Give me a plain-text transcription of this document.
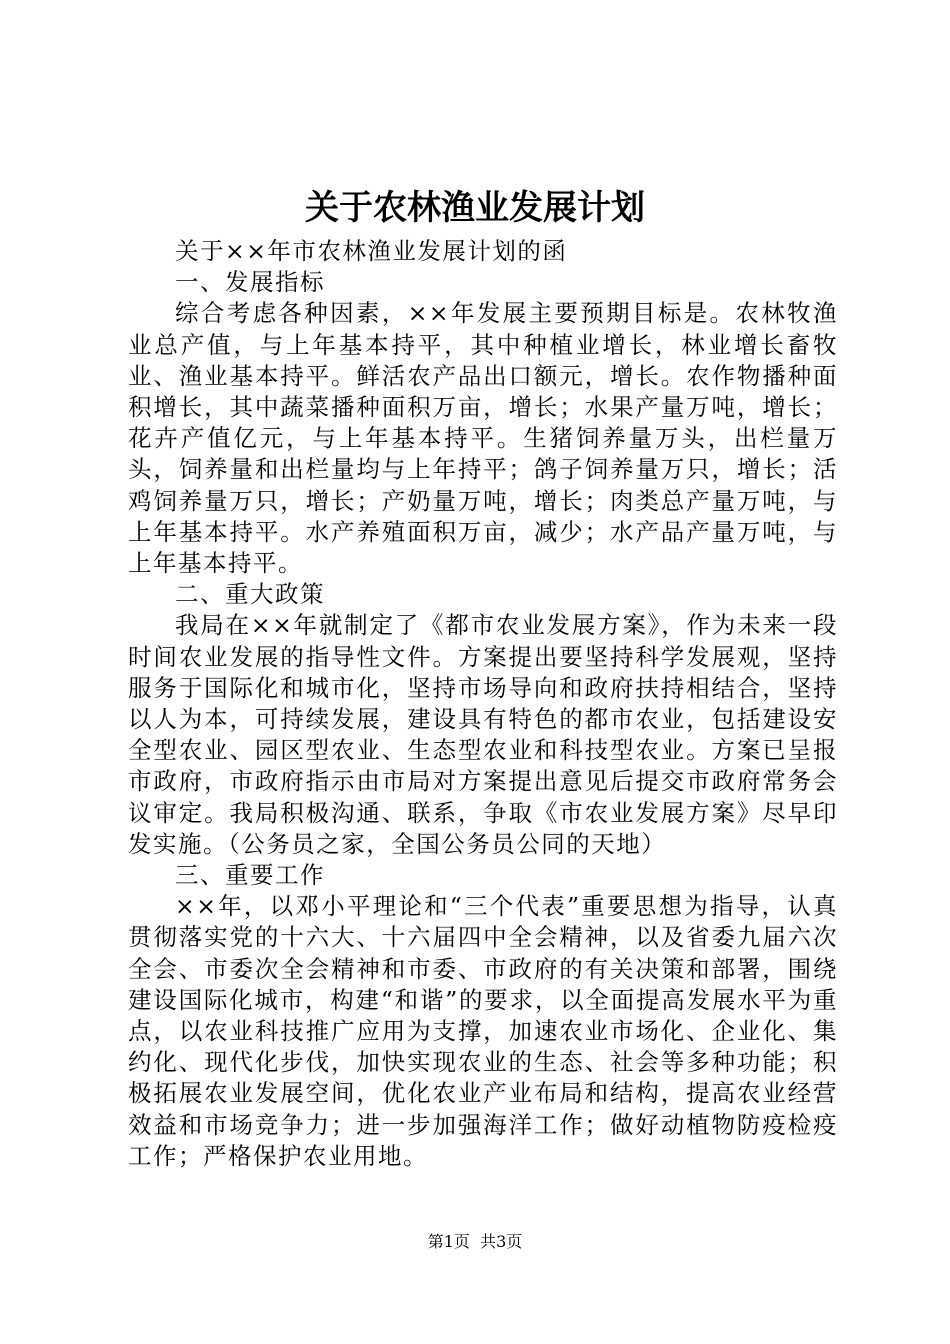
关于农林渔业发展计划

关于××年市农林渔业发展计划的函

一、发展指标

综合考虑各种因素，××年发展主要预期目标是。农林牧渔业总产值，与上年基本持平，其中种植业增长，林业增长畜牧业、渔业基本持平。鲜活农产品出口额元，增长。农作物播种面积增长，其中蔬菜播种面积万亩，增长；水果产量万吨，增长；花卉产值亿元，与上年基本持平。生猪饲养量万头，出栏量万头，饲养量和出栏量均与上年持平；鸽子饲养量万只，增长；活鸡饲养量万只，增长；产奶量万吨，增长；肉类总产量万吨，与上年基本持平。水产养殖面积万亩，减少；水产品产量万吨，与上年基本持平。

二、重大政策

我局在××年就制定了《都市农业发展方案》，作为未来一段时间农业发展的指导性文件。方案提出要坚持科学发展观，坚持服务于国际化和城市化，坚持市场导向和政府扶持相结合，坚持以人为本，可持续发展，建设具有特色的都市农业，包括建设安全型农业、园区型农业、生态型农业和科技型农业。方案已呈报市政府，市政府指示由市局对方案提出意见后提交市政府常务会议审定。我局积极沟通、联系，争取《市农业发展方案》尽早印发实施。（公务员之家，全国公务员公同的天地）

三、重要工作

××年，以邓小平理论和“三个代表”重要思想为指导，认真贯彻落实党的十六大、十六届四中全会精神，以及省委九届六次全会、市委次全会精神和市委、市政府的有关决策和部署，围绕建设国际化城市，构建“和谐”的要求，以全面提高发展水平为重点，以农业科技推广应用为支撑，加速农业市场化、企业化、集约化、现代化步伐，加快实现农业的生态、社会等多种功能；积极拓展农业发展空间，优化农业产业布局和结构，提高农业经营效益和市场竞争力；进一步加强海洋工作；做好动植物防疫检疫工作；严格保护农业用地。

第1页  共3页
